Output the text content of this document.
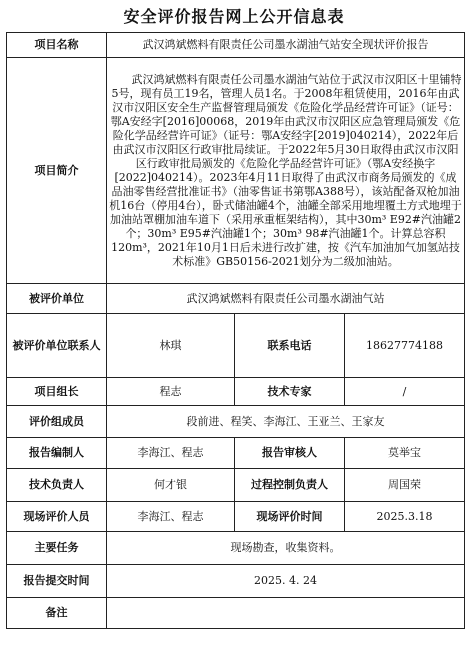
安全评价报告网上公开信息表
项目名称	武汉鸿斌燃料有限责任公司墨水湖油气站安全现状评价报告		
项目简介	武汉鸿斌燃料有限责任公司墨水湖油气站位于武汉市汉阳区十里铺特5号，现有员工19名，管理人员1名。于2008年租赁使用，2016年由武汉市汉阳区安全生产监督管理局颁发《危险化学品经营许可证》（证号：鄂A安经字[2016]00068，2019年由武汉市汉阳区应急管理局颁发《危险化学品经营许可证》（证号：鄂A安经字[2019]040214），2022年后由武汉市汉阳区行政审批局续证。于2022年5月30日取得由武汉市汉阳区行政审批局颁发的《危险化学品经营许可证》（鄂A安经换字[2022]040214）。2023年4月11日取得了由武汉市商务局颁发的《成品油零售经营批准证书》（油零售证书第鄂A388号），该站配备双枪加油机16台（停用4台），卧式储油罐4个，油罐全部采用地埋覆土方式地埋于加油站罩棚加油车道下（采用承重框架结构），其中30m³ E92#汽油罐2个；30m³ E95#汽油罐1个；30m³ 98#汽油罐1个。计算总容积120m³，2021年10月1日后未进行改扩建，按《汽车加油加气加氢站技术标准》GB50156-2021划分为二级加油站。		
被评价单位	武汉鸿斌燃料有限责任公司墨水湖油气站		
被评价单位联系人	林琪	联系电话	18627774188
项目组长	程志	技术专家	/
评价组成员	段前进、程笑、李海江、王亚兰、王家友		
报告编制人	李海江、程志	报告审核人	莫举宝
技术负责人	何才银	过程控制负责人	周国荣
现场评价人员	李海江、程志	现场评价时间	2025.3.18
主要任务	现场勘查，收集资料。		
报告提交时间	2025. 4. 24		
备注			
